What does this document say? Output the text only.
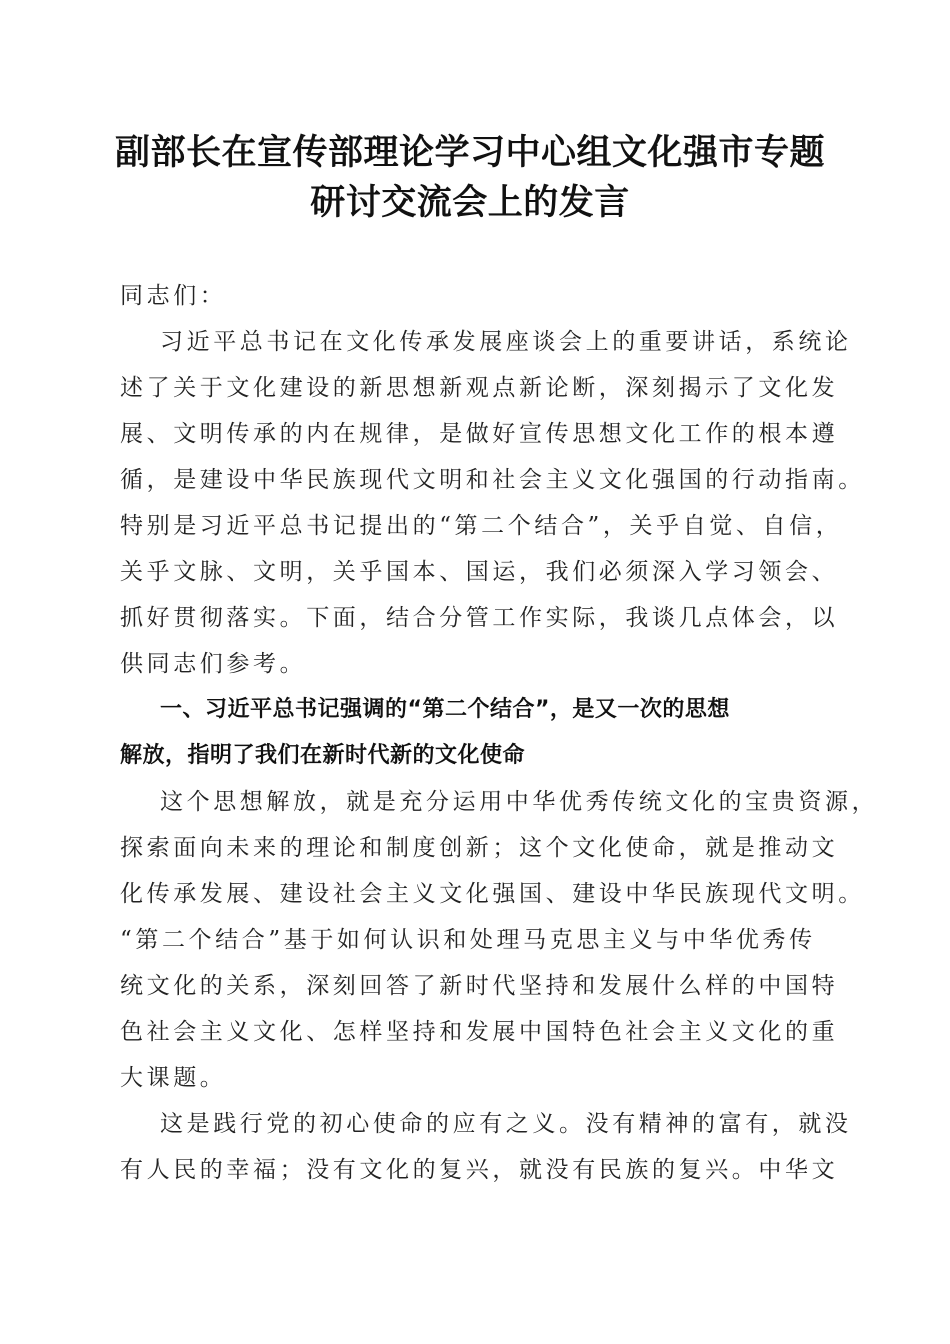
副部长在宣传部理论学习中心组文化强市专题
研讨交流会上的发言

同志们：

习近平总书记在文化传承发展座谈会上的重要讲话，系统论
述了关于文化建设的新思想新观点新论断，深刻揭示了文化发
展、文明传承的内在规律，是做好宣传思想文化工作的根本遵
循，是建设中华民族现代文明和社会主义文化强国的行动指南。
特别是习近平总书记提出的“第二个结合”，关乎自觉、自信，
关乎文脉、文明，关乎国本、国运，我们必须深入学习领会、
抓好贯彻落实。下面，结合分管工作实际，我谈几点体会，以
供同志们参考。

一、习近平总书记强调的“第二个结合”，是又一次的思想
解放，指明了我们在新时代新的文化使命

这个思想解放，就是充分运用中华优秀传统文化的宝贵资源，
探索面向未来的理论和制度创新；这个文化使命，就是推动文
化传承发展、建设社会主义文化强国、建设中华民族现代文明。
“第二个结合”基于如何认识和处理马克思主义与中华优秀传
统文化的关系，深刻回答了新时代坚持和发展什么样的中国特
色社会主义文化、怎样坚持和发展中国特色社会主义文化的重
大课题。

这是践行党的初心使命的应有之义。没有精神的富有，就没
有人民的幸福；没有文化的复兴，就没有民族的复兴。中华文
